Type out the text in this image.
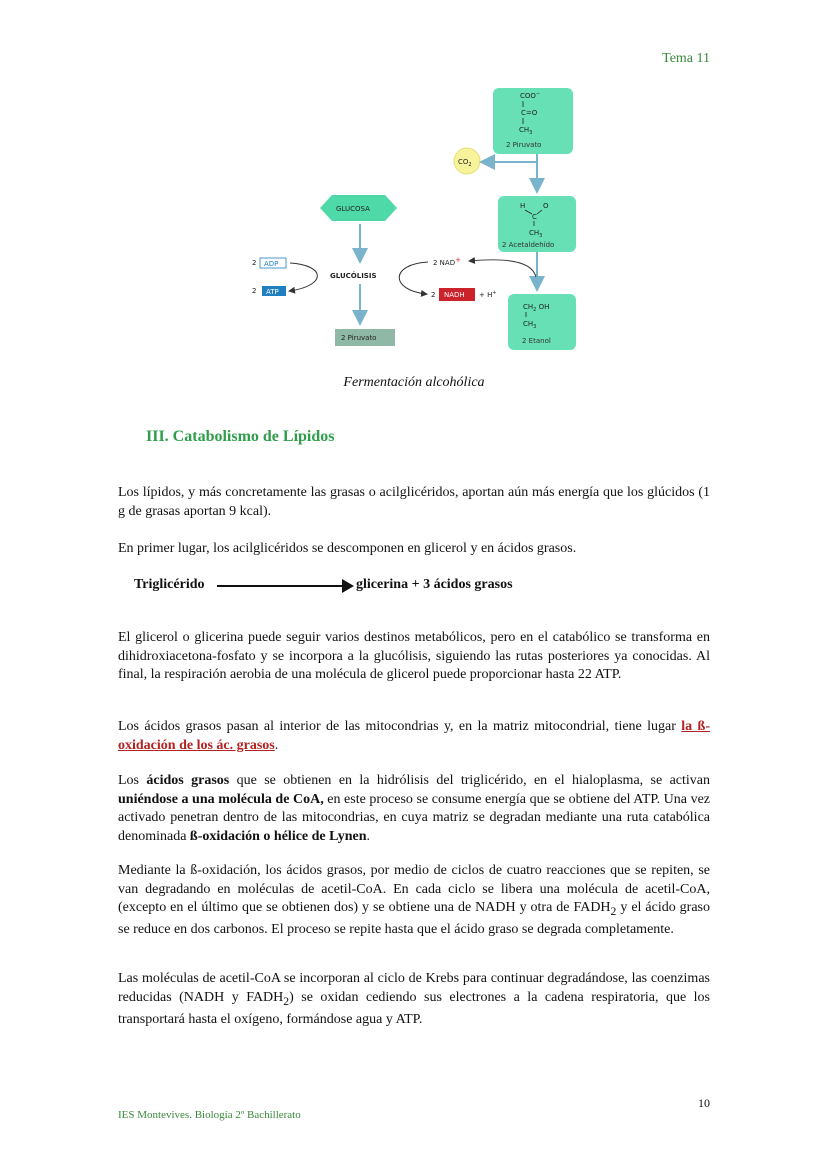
Tema 11
COO−
C=O
$CH_3$
2 Piruvato
$CO_2$
H	O
C
$CH_3$
2 Acetaldehído
$CH_2$ OH
$CH_3$
2 Etanol
GLUCOSA
GLUCÓLISIS
2 Piruvato
2 ADP
2 ATP
2 NAD+
2 NADH + H+
Fermentación alcohólica
III. Catabolismo de Lípidos
Los lípidos, y más concretamente las grasas o acilglicéridos, aportan aún más energía que los glúcidos (1 g de grasas aportan 9 kcal).
En primer lugar, los acilglicéridos se descomponen en glicerol y en ácidos grasos.
Triglicérido	glicerina + 3 ácidos grasos
El glicerol o glicerina puede seguir varios destinos metabólicos, pero en el catabólico se transforma en dihidroxiacetona-fosfato y se incorpora a la glucólisis, siguiendo las rutas posteriores ya conocidas. Al final, la respiración aerobia de una molécula de glicerol puede proporcionar hasta 22 ATP.
Los ácidos grasos pasan al interior de las mitocondrias y, en la matriz mitocondrial, tiene lugar la ß-oxidación de los ác. grasos.
Los ácidos grasos que se obtienen en la hidrólisis del triglicérido, en el hialoplasma, se activan uniéndose a una molécula de CoA, en este proceso se consume energía que se obtiene del ATP. Una vez activado penetran dentro de las mitocondrias, en cuya matriz se degradan mediante una ruta catabólica denominada ß-oxidación o hélice de Lynen.
Mediante la ß-oxidación, los ácidos grasos, por medio de ciclos de cuatro reacciones que se repiten, se van degradando en moléculas de acetil-CoA. En cada ciclo se libera una molécula de acetil-CoA, (excepto en el último que se obtienen dos) y se obtiene una de NADH y otra de $FADH_2$ y el ácido graso se reduce en dos carbonos. El proceso se repite hasta que el ácido graso se degrada completamente.
Las moléculas de acetil-CoA se incorporan al ciclo de Krebs para continuar degradándose, las coenzimas reducidas (NADH y $FADH_2$) se oxidan cediendo sus electrones a la cadena respiratoria, que los transportará hasta el oxígeno, formándose agua y ATP.
10
IES Montevives. Biología 2º Bachillerato
